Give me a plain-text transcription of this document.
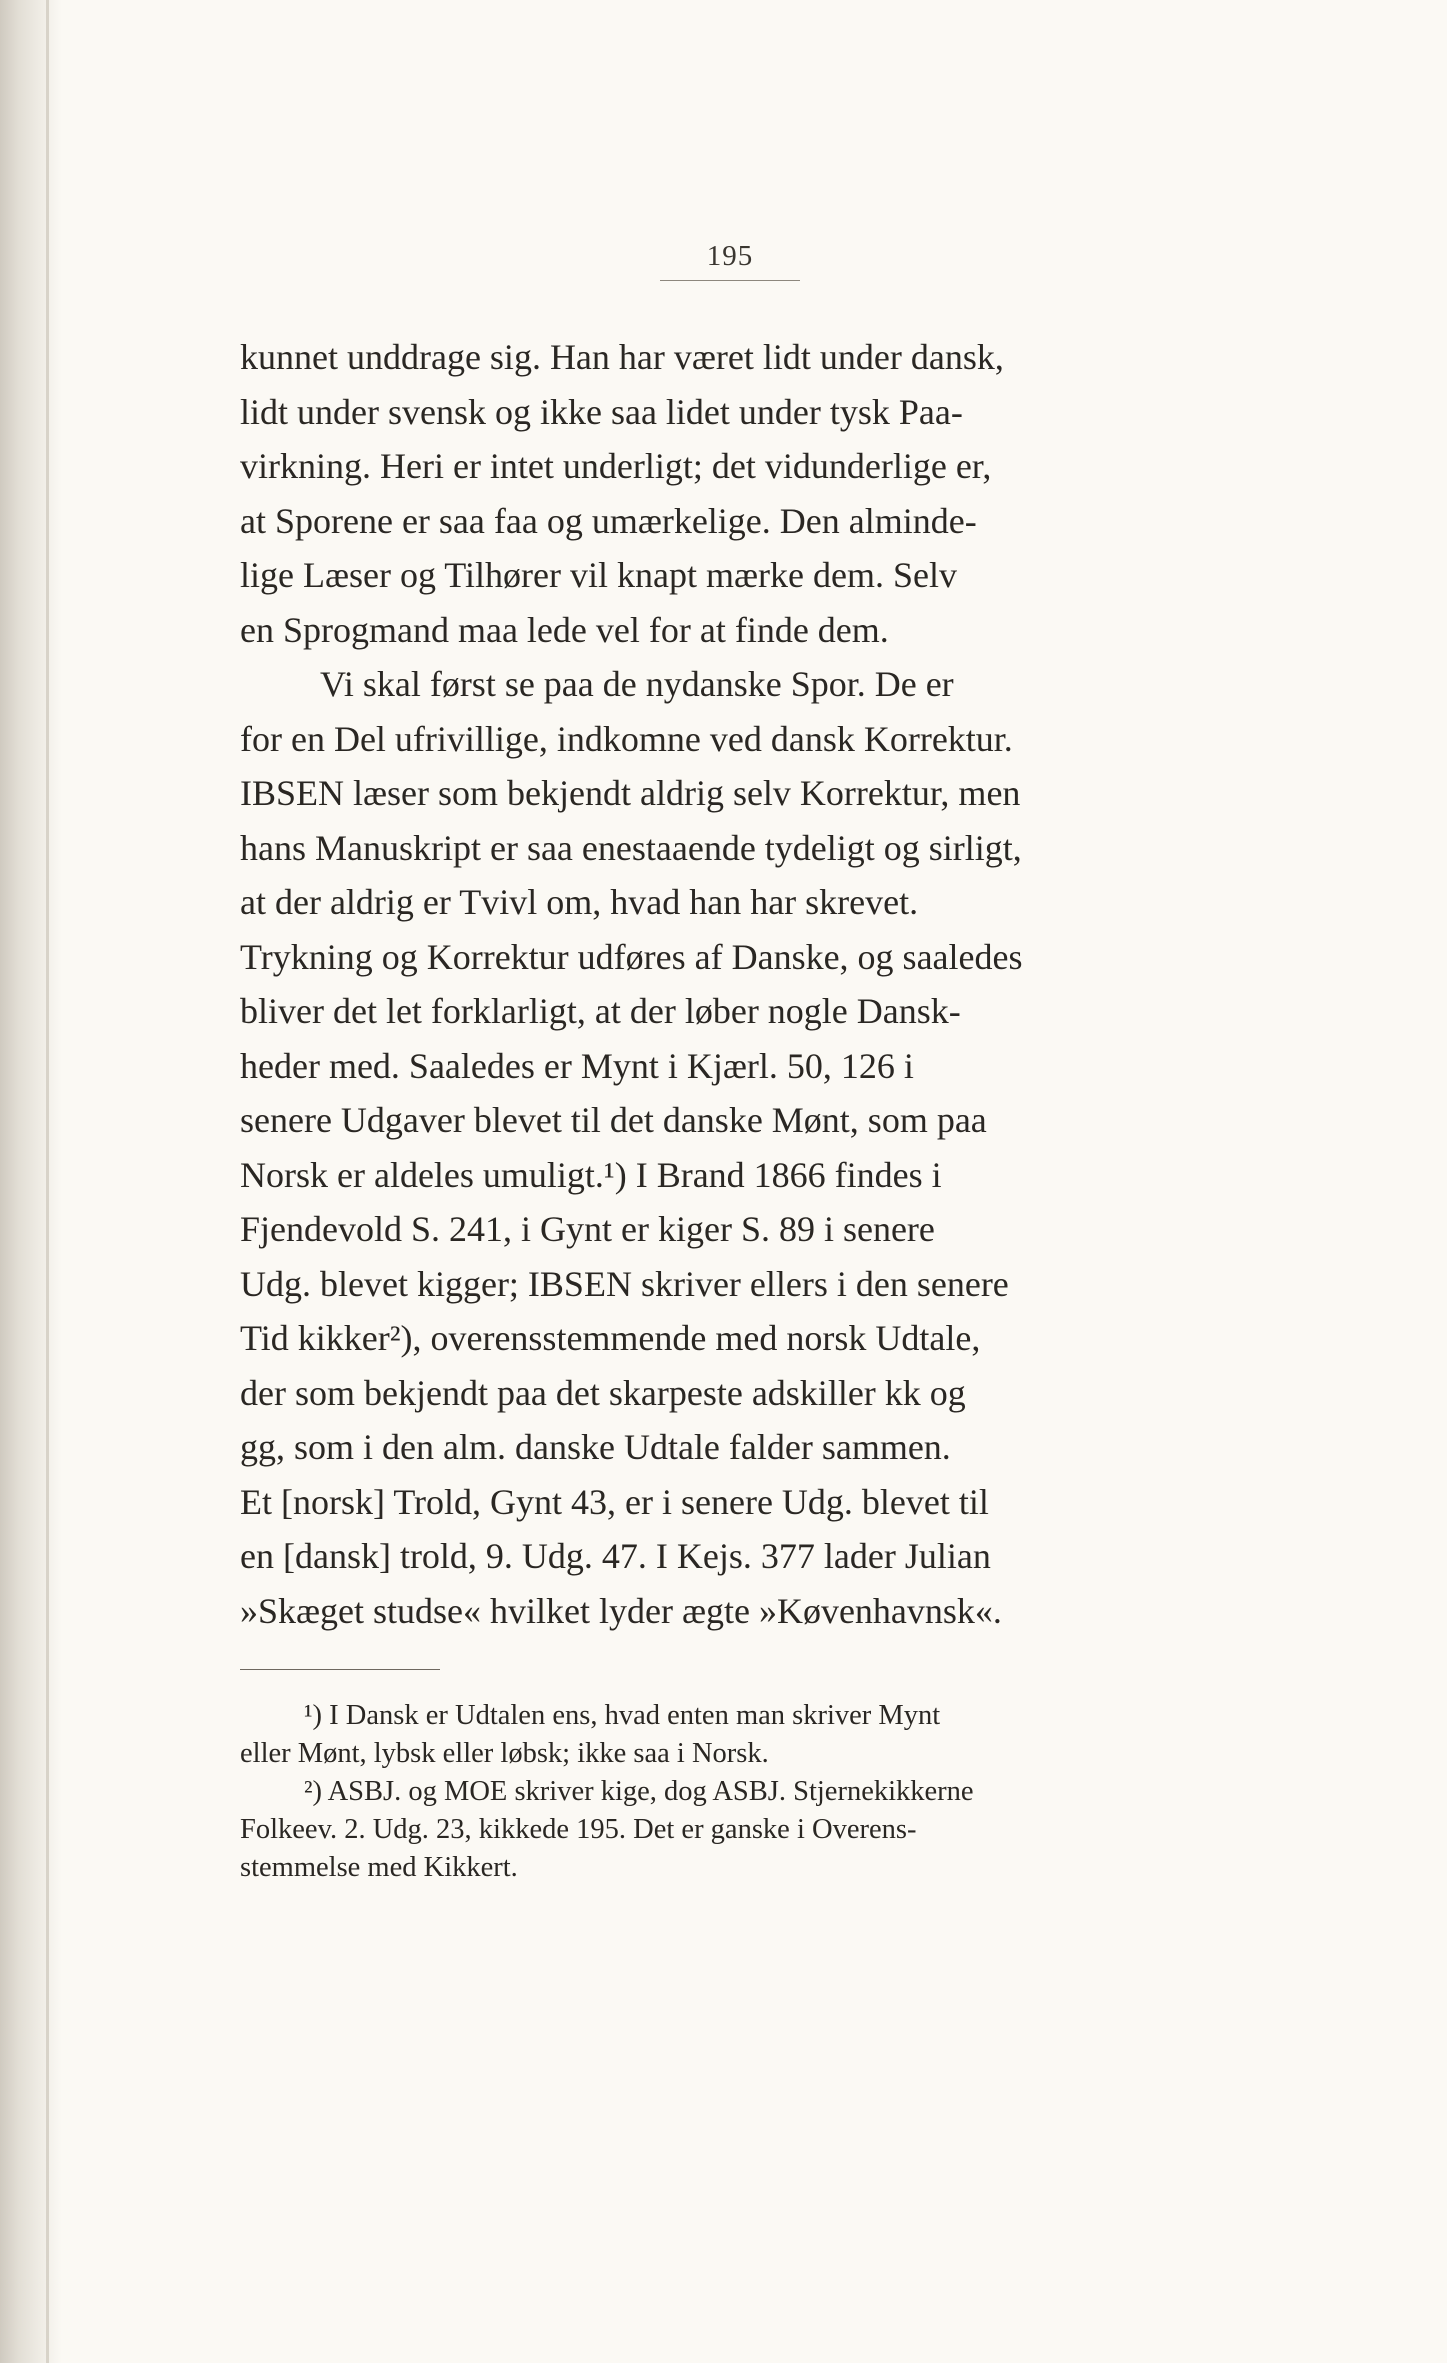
195
kunnet unddrage sig. Han har været lidt under dansk,
lidt under svensk og ikke saa lidet under tysk Paa-
virkning. Heri er intet underligt; det vidunderlige er,
at Sporene er saa faa og umærkelige. Den alminde-
lige Læser og Tilhører vil knapt mærke dem. Selv
en Sprogmand maa lede vel for at finde dem.
Vi skal først se paa de nydanske Spor. De er
for en Del ufrivillige, indkomne ved dansk Korrektur.
IBSEN læser som bekjendt aldrig selv Korrektur, men
hans Manuskript er saa enestaaende tydeligt og sirligt,
at der aldrig er Tvivl om, hvad han har skrevet.
Trykning og Korrektur udføres af Danske, og saaledes
bliver det let forklarligt, at der løber nogle Dansk-
heder med. Saaledes er Mynt i Kjærl. 50, 126 i
senere Udgaver blevet til det danske Mønt, som paa
Norsk er aldeles umuligt.¹) I Brand 1866 findes i
Fjendevold S. 241, i Gynt er kiger S. 89 i senere
Udg. blevet kigger; IBSEN skriver ellers i den senere
Tid kikker²), overensstemmende med norsk Udtale,
der som bekjendt paa det skarpeste adskiller kk og
gg, som i den alm. danske Udtale falder sammen.
Et [norsk] Trold, Gynt 43, er i senere Udg. blevet til
en [dansk] trold, 9. Udg. 47. I Kejs. 377 lader Julian
»Skæget studse« hvilket lyder ægte »Køvenhavnsk«.
¹) I Dansk er Udtalen ens, hvad enten man skriver Mynt
eller Mønt, lybsk eller løbsk; ikke saa i Norsk.
²) ASBJ. og MOE skriver kige, dog ASBJ. Stjernekikkerne
Folkeev. 2. Udg. 23, kikkede 195. Det er ganske i Overens-
stemmelse med Kikkert.
